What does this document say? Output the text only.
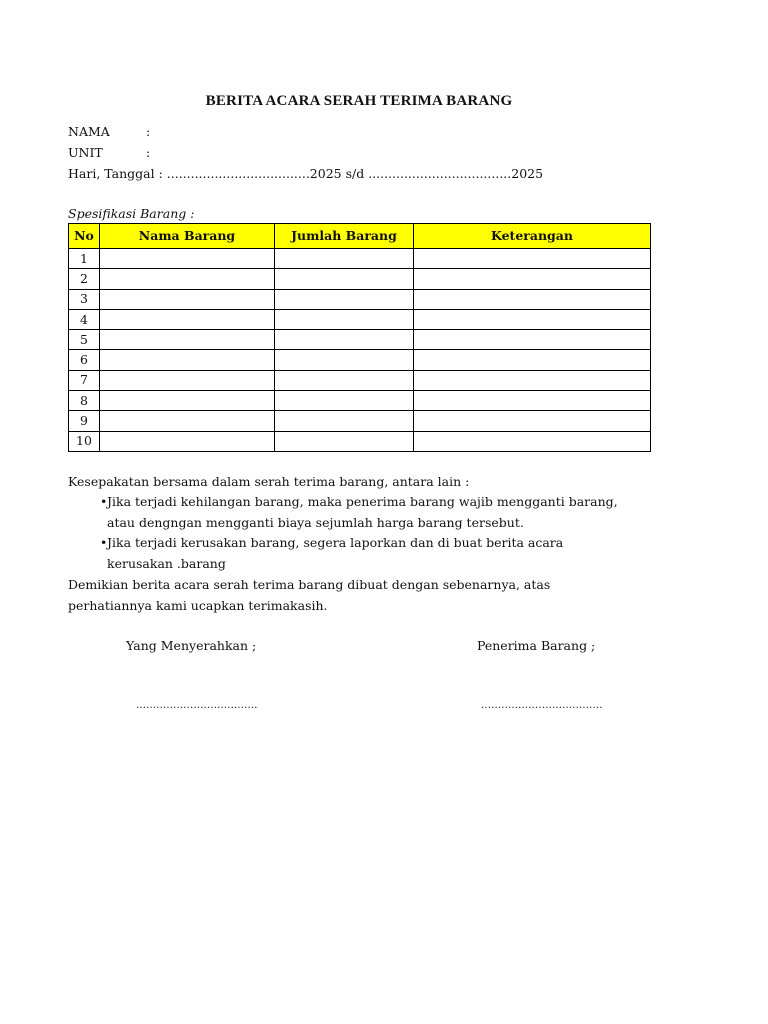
BERITA ACARA SERAH TERIMA BARANG
NAMA	:
UNIT	:
Hari, Tanggal : ....................................2025 s/d ....................................2025
Spesifikasi Barang :
No	Nama Barang	Jumlah Barang	Keterangan
1			
2			
3			
4			
5			
6			
7			
8			
9			
10			
Kesepakatan bersama dalam serah terima barang, antara lain :
• Jika terjadi kehilangan barang, maka penerima barang wajib mengganti barang, atau dengngan mengganti biaya sejumlah harga barang tersebut.
• Jika terjadi kerusakan barang, segera laporkan dan di buat berita acara kerusakan .barang
Demikian berita acara serah terima barang dibuat dengan sebenarnya, atas perhatiannya kami ucapkan terimakasih.
Yang Menyerahkan ;	Penerima Barang ;
....................................	....................................
